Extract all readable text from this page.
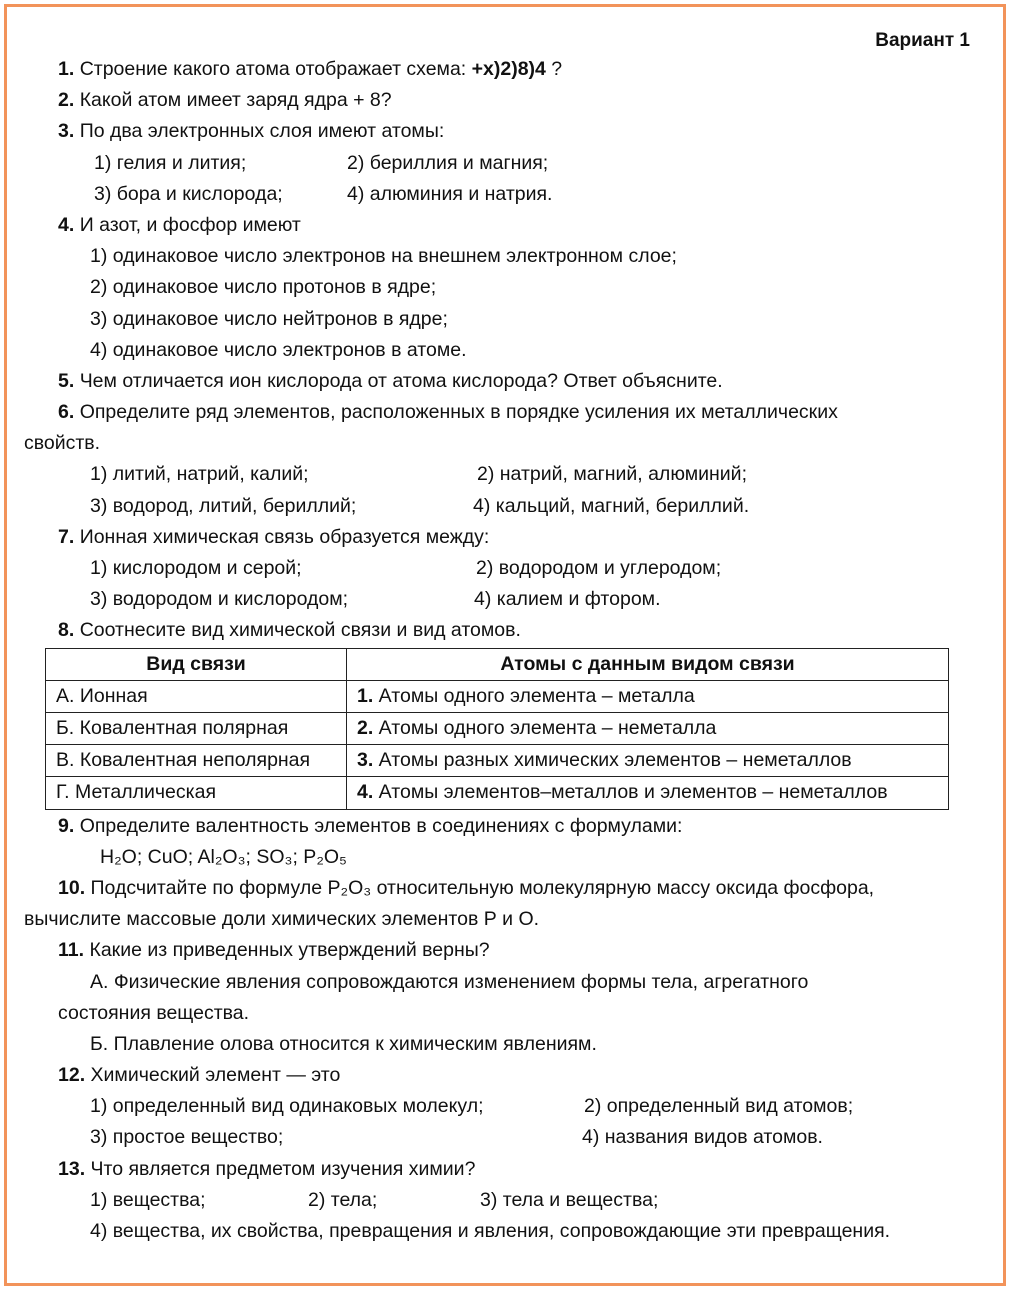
Вариант 1
1. Строение какого атома отображает схема: +x)2)8)4 ?
2. Какой атом имеет заряд ядра + 8?
3. По два электронных слоя имеют атомы:
1) гелия и лития;	2) бериллия и магния;
3) бора и кислорода;	4) алюминия и натрия.
4. И азот, и фосфор имеют
1) одинаковое число электронов на внешнем электронном слое;
2) одинаковое число протонов в ядре;
3) одинаковое число нейтронов в ядре;
4) одинаковое число электронов в атоме.
5. Чем отличается ион кислорода от атома кислорода? Ответ объясните.
6. Определите ряд элементов, расположенных в порядке усиления их металлических
свойств.
1) литий, натрий, калий;	2) натрий, магний, алюминий;
3) водород, литий, бериллий;	4) кальций, магний, бериллий.
7. Ионная химическая связь образуется между:
1) кислородом и серой;	2) водородом и углеродом;
3) водородом и кислородом;	4) калием и фтором.
8. Соотнесите вид химической связи и вид атомов.
Вид связи	Атомы с данным видом связи
А. Ионная	1. Атомы одного элемента – металла
Б. Ковалентная полярная	2. Атомы одного элемента – неметалла
В. Ковалентная неполярная	3. Атомы разных химических элементов – неметаллов
Г. Металлическая	4. Атомы элементов–металлов и элементов – неметаллов
9. Определите валентность элементов в соединениях с формулами:
H₂O; CuO; Al₂O₃; SO₃; P₂O₅
10. Подсчитайте по формуле P₂O₃ относительную молекулярную массу оксида фосфора,
вычислите массовые доли химических элементов Р и О.
11. Какие из приведенных утверждений верны?
А. Физические явления сопровождаются изменением формы тела, агрегатного
состояния вещества.
Б. Плавление олова относится к химическим явлениям.
12. Химический элемент — это
1) определенный вид одинаковых молекул;	2) определенный вид атомов;
3) простое вещество;	4) названия видов атомов.
13. Что является предметом изучения химии?
1) вещества;	2) тела;	3) тела и вещества;
4) вещества, их свойства, превращения и явления, сопровождающие эти превращения.
